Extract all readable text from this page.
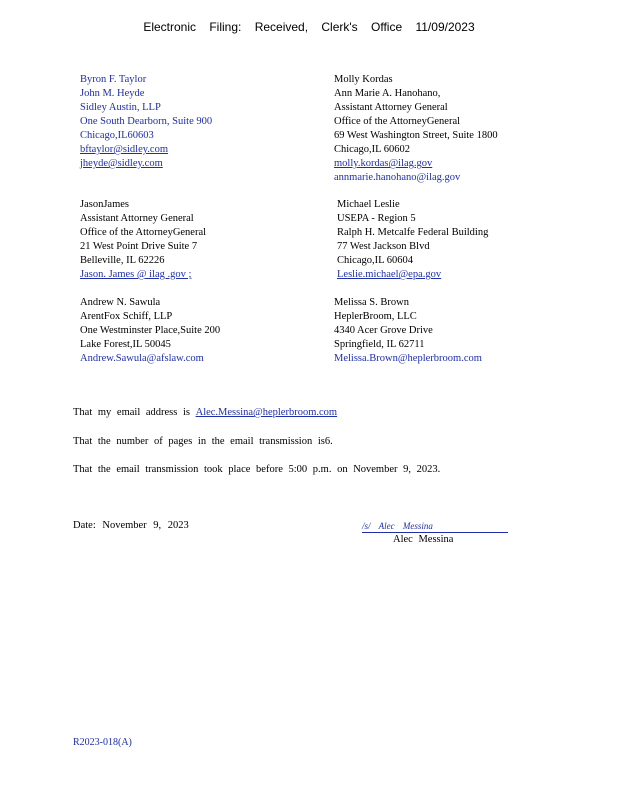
Electronic Filing: Received, Clerk's Office 11/09/2023
Byron F. Taylor
John M. Heyde
Sidley Austin, LLP
One South Dearborn, Suite 900
Chicago,IL60603
bftaylor@sidley.com
jheyde@sidley.com
Molly Kordas
Ann Marie A. Hanohano,
Assistant Attorney General
Office of the AttorneyGeneral
69 West Washington Street, Suite 1800
Chicago,IL 60602
molly.kordas@ilag.gov
annmarie.hanohano@ilag.gov
JasonJames
Assistant Attorney General
Office of the AttorneyGeneral
21 West Point Drive Suite 7
Belleville, IL 62226
Jason. James @ ilag .gov ;
Michael Leslie
USEPA - Region 5
Ralph H. Metcalfe Federal Building
77 West Jackson Blvd
Chicago,IL 60604
Leslie.michael@epa.gov
Andrew N. Sawula
ArentFox Schiff, LLP
One Westminster Place,Suite 200
Lake Forest,IL 50045
Andrew.Sawula@afslaw.com
Melissa S. Brown
HeplerBroom, LLC
4340 Acer Grove Drive
Springfield, IL 62711
Melissa.Brown@heplerbroom.com
That my email address is Alec.Messina@heplerbroom.com
That the number of pages in the email transmission is6.
That the email transmission took place before 5:00 p.m. on November 9, 2023.
Date: November 9, 2023	/s/ Alec Messina
Alec Messina
R2023-018(A)
